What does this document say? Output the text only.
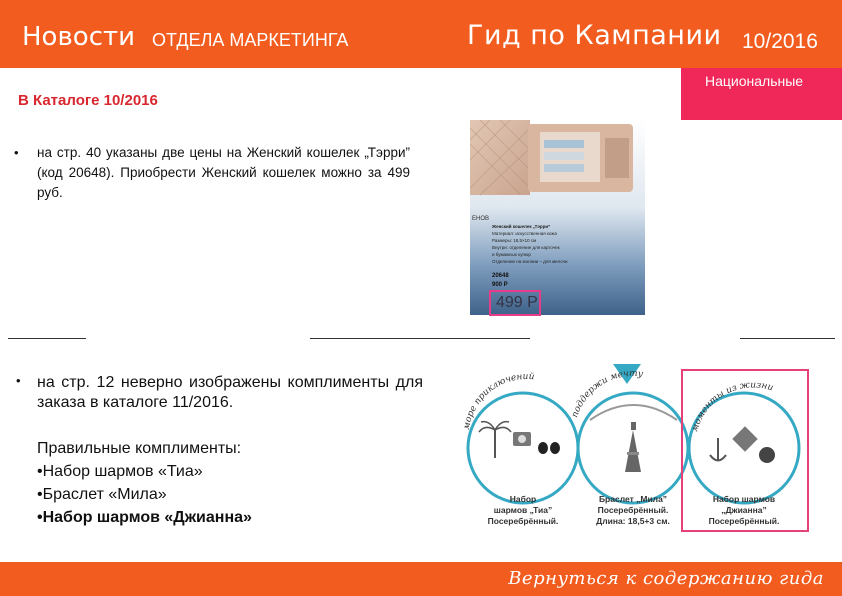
Новости ОТДЕЛА МАРКЕТИНГА	Гид по Кампании 10/2016
Национальные
В Каталоге 10/2016
• на стр. 40 указаны две цены на Женский кошелек „Тэрри” (код 20648). Приобрести Женский кошелек можно за 499 руб.
ЕНОВ
Женский кошелек „Тэрри”
Материал: искусственная кожа
Размеры: 18,5×10 см
Внутри: отделение для карточек
и бумажных купюр
Отделение на молнии – для мелочи
20648
900 Р
499 Р
• на стр. 12 неверно изображены комплименты для заказа в каталоге 11/2016.
Правильные комплименты:
•Набор шармов «Тиа»
•Браслет «Мила»
•Набор шармов «Джианна»
море приключений
поддержи мечту
моменты из жизни
Набор
шармов „Тиа”
Посеребрённый.
Браслет „Мила”
Посеребрённый.
Длина: 18,5+3 см.
Набор шармов
„Джианна”
Посеребрённый.
Вернуться к содержанию гида
